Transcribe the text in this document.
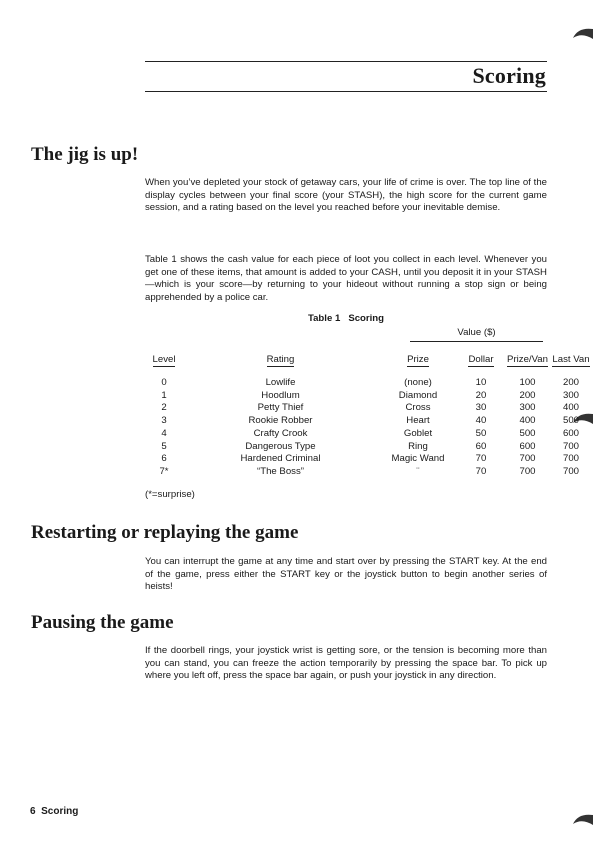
Scoring
The jig is up!

When you’ve depleted your stock of getaway cars, your life of crime is over. The top line of the display cycles between your final score (your STASH), the high score for the current game session, and a rating based on the level you reached before your inevitable demise.

Table 1 shows the cash value for each piece of loot you collect in each level. Whenever you get one of these items, that amount is added to your CASH, until you deposit it in your STASH—which is your score—by returning to your hideout without running a stop sign or being apprehended by a police car.

Table 1 Scoring
Value ($)
Level	Rating	Prize	Dollar	Prize/Van	Last Van

0	Lowlife	(none)	10	100	200
1	Hoodlum	Diamond	20	200	300
2	Petty Thief	Cross	30	300	400
3	Rookie Robber	Heart	40	400	500
4	Crafty Crook	Goblet	50	500	600
5	Dangerous Type	Ring	60	600	700
6	Hardened Criminal	Magic Wand	70	700	700
7*	“The Boss”	¨	70	700	700
(*=surprise)
Restarting or replaying the game

You can interrupt the game at any time and start over by pressing the START key. At the end of the game, press either the START key or the joystick button to begin another series of heists!

Pausing the game

If the doorbell rings, your joystick wrist is getting sore, or the tension is becoming more than you can stand, you can freeze the action temporarily by pressing the space bar. To pick up where you left off, press the space bar again, or push your joystick in any direction.

6  Scoring
